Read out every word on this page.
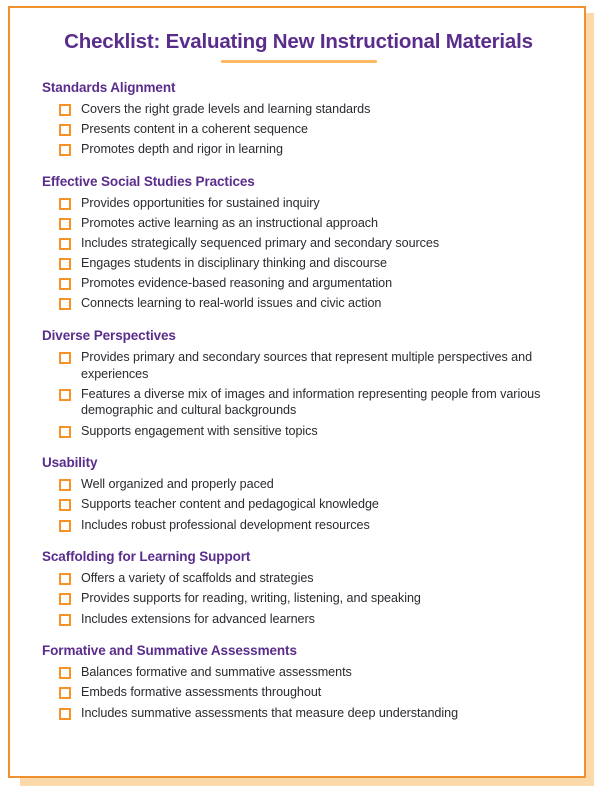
Checklist: Evaluating New Instructional Materials
Standards Alignment
Covers the right grade levels and learning standards
Presents content in a coherent sequence
Promotes depth and rigor in learning
Effective Social Studies Practices
Provides opportunities for sustained inquiry
Promotes active learning as an instructional approach
Includes strategically sequenced primary and secondary sources
Engages students in disciplinary thinking and discourse
Promotes evidence-based reasoning and argumentation
Connects learning to real-world issues and civic action
Diverse Perspectives
Provides primary and secondary sources that represent multiple perspectives and experiences
Features a diverse mix of images and information representing people from various demographic and cultural backgrounds
Supports engagement with sensitive topics
Usability
Well organized and properly paced
Supports teacher content and pedagogical knowledge
Includes robust professional development resources
Scaffolding for Learning Support
Offers a variety of scaffolds and strategies
Provides supports for reading, writing, listening, and speaking
Includes extensions for advanced learners
Formative and Summative Assessments
Balances formative and summative assessments
Embeds formative assessments throughout
Includes summative assessments that measure deep understanding
